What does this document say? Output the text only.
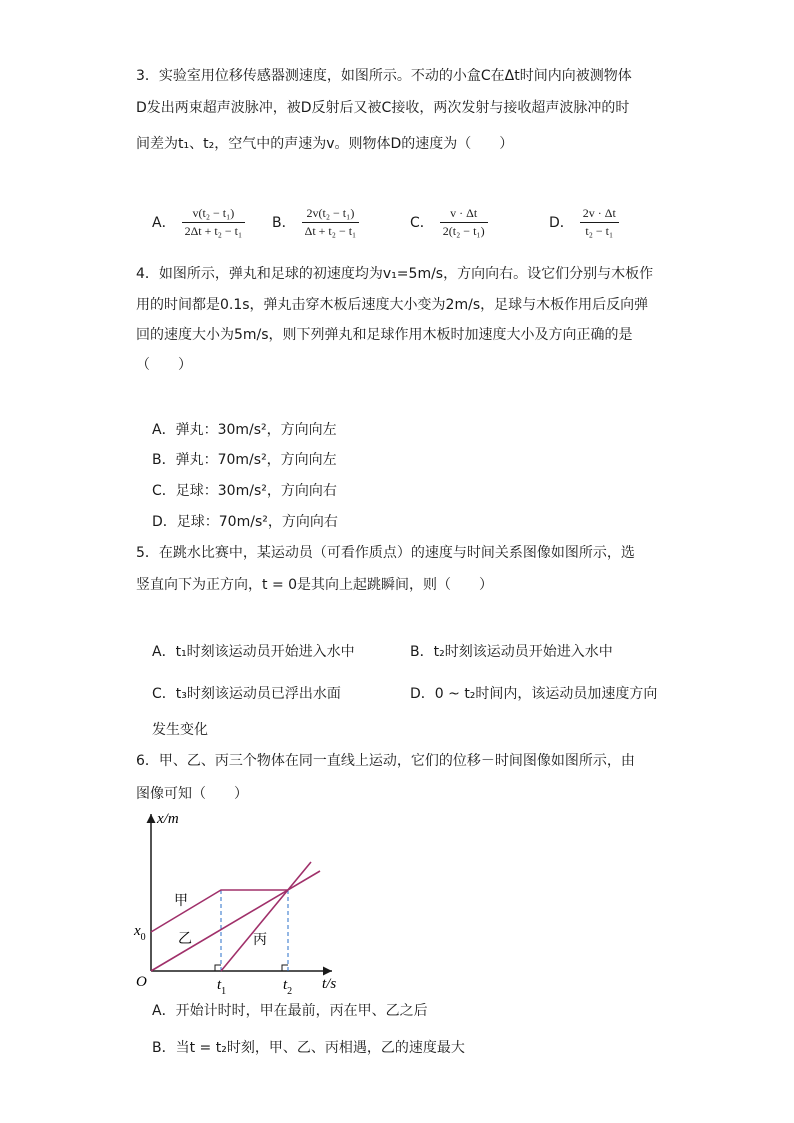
3．实验室用位移传感器测速度，如图所示。不动的小盒C在Δt时间内向被测物体
D发出两束超声波脉冲，被D反射后又被C接收，两次发射与接收超声波脉冲的时
间差为t₁、t₂，空气中的声速为v。则物体D的速度为（　　）
A． $\frac{\text{v(t₂ − t₁)}}{\text{2Δt + t₂ − t₁}}$ B． $\frac{\text{2v(t₂ − t₁)}}{\text{Δt + t₂ − t₁}}$	C． $\frac{v \cdot \Delta t}{\text{2(t₂ − t₁)}}$	D． $\frac{2v \cdot \Delta t}{\text{t₂ − t₁}}$
4．如图所示，弹丸和足球的初速度均为v₁=5m/s，方向向右。设它们分别与木板作
用的时间都是0.1s，弹丸击穿木板后速度大小变为2m/s，足球与木板作用后反向弹
回的速度大小为5m/s，则下列弹丸和足球作用木板时加速度大小及方向正确的是
（　　）
A．弹丸：30m/s²，方向向左
B．弹丸：70m/s²，方向向左
C．足球：30m/s²，方向向右
D．足球：70m/s²，方向向右
5．在跳水比赛中，某运动员（可看作质点）的速度与时间关系图像如图所示，选
竖直向下为正方向，t = 0是其向上起跳瞬间，则（　　）
A．t₁时刻该运动员开始进入水中	B．t₂时刻该运动员开始进入水中
C．t₃时刻该运动员已浮出水面	D．0 ~ t₂时间内，该运动员加速度方向
发生变化
6．甲、乙、丙三个物体在同一直线上运动，它们的位移－时间图像如图所示，由
图像可知（　　）
x/m
t/s
O
$x_0$
$t_1$	$t_2$
甲
乙	丙
A．开始计时时，甲在最前，丙在甲、乙之后
B．当t = t₂时刻，甲、乙、丙相遇，乙的速度最大
